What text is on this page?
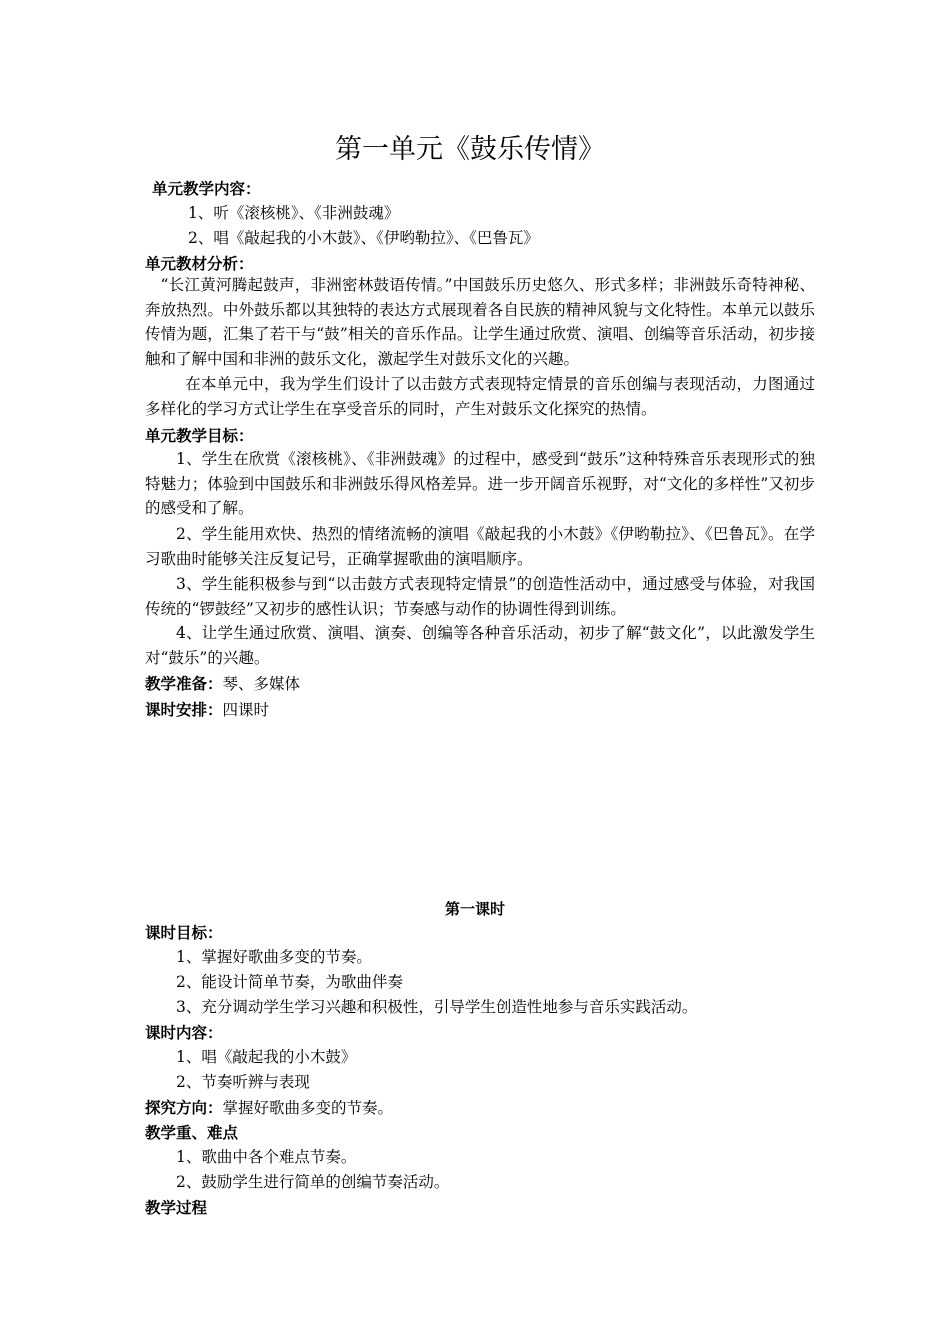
第一单元《鼓乐传情》
单元教学内容：
1、听《滚核桃》、《非洲鼓魂》
2、唱《敲起我的小木鼓》、《伊哟勒拉》、《巴鲁瓦》
单元教材分析：
“长江黄河腾起鼓声，非洲密林鼓语传情。”中国鼓乐历史悠久、形式多样；非洲鼓乐奇特神秘、奔放热烈。中外鼓乐都以其独特的表达方式展现着各自民族的精神风貌与文化特性。本单元以鼓乐传情为题，汇集了若干与“鼓”相关的音乐作品。让学生通过欣赏、演唱、创编等音乐活动，初步接触和了解中国和非洲的鼓乐文化，激起学生对鼓乐文化的兴趣。
在本单元中，我为学生们设计了以击鼓方式表现特定情景的音乐创编与表现活动，力图通过多样化的学习方式让学生在享受音乐的同时，产生对鼓乐文化探究的热情。
单元教学目标：
1、学生在欣赏《滚核桃》、《非洲鼓魂》的过程中，感受到“鼓乐”这种特殊音乐表现形式的独特魅力；体验到中国鼓乐和非洲鼓乐得风格差异。进一步开阔音乐视野，对“文化的多样性”又初步的感受和了解。
2、学生能用欢快、热烈的情绪流畅的演唱《敲起我的小木鼓》《伊哟勒拉》、《巴鲁瓦》。在学习歌曲时能够关注反复记号，正确掌握歌曲的演唱顺序。
3、学生能积极参与到“以击鼓方式表现特定情景”的创造性活动中，通过感受与体验，对我国传统的“锣鼓经”又初步的感性认识；节奏感与动作的协调性得到训练。
4、让学生通过欣赏、演唱、演奏、创编等各种音乐活动，初步了解“鼓文化”，以此激发学生对“鼓乐”的兴趣。
教学准备：琴、多媒体
课时安排：四课时
第一课时
课时目标：
1、掌握好歌曲多变的节奏。
2、能设计简单节奏，为歌曲伴奏
3、充分调动学生学习兴趣和积极性，引导学生创造性地参与音乐实践活动。
课时内容：
1、唱《敲起我的小木鼓》
2、节奏听辨与表现
探究方向：掌握好歌曲多变的节奏。
教学重、难点
1、歌曲中各个难点节奏。
2、鼓励学生进行简单的创编节奏活动。
教学过程
